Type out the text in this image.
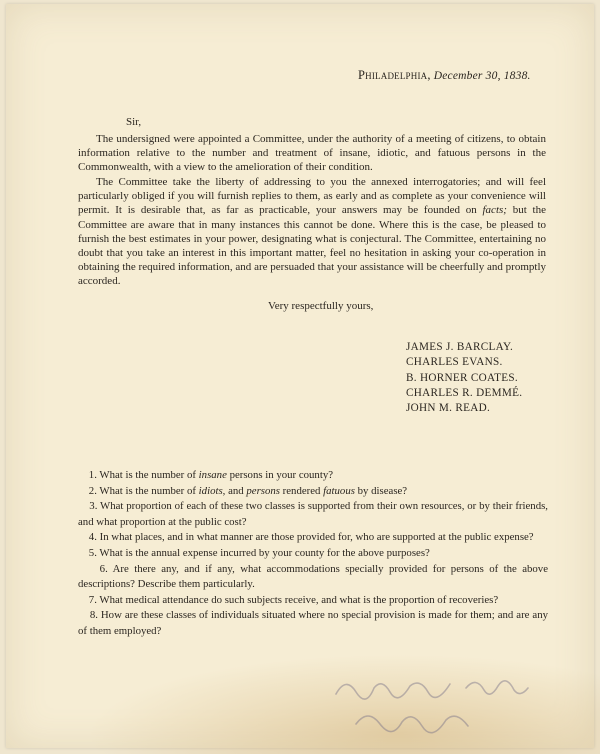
Philadelphia, December 30, 1838.
Sir,

The undersigned were appointed a Committee, under the authority of a meeting of citizens, to obtain information relative to the number and treatment of insane, idiotic, and fatuous persons in the Commonwealth, with a view to the amelioration of their condition.

The Committee take the liberty of addressing to you the annexed interrogatories; and will feel particularly obliged if you will furnish replies to them, as early and as complete as your convenience will permit. It is desirable that, as far as practicable, your answers may be founded on facts; but the Committee are aware that in many instances this cannot be done. Where this is the case, be pleased to furnish the best estimates in your power, designating what is conjectural. The Committee, entertaining no doubt that you take an interest in this important matter, feel no hesitation in asking your co-operation in obtaining the required information, and are persuaded that your assistance will be cheerfully and promptly accorded.

Very respectfully yours,
JAMES J. BARCLAY.
CHARLES EVANS.
B. HORNER COATES.
CHARLES R. DEMMÉ.
JOHN M. READ.

1. What is the number of insane persons in your county?

2. What is the number of idiots, and persons rendered fatuous by disease?

3. What proportion of each of these two classes is supported from their own resources, or by their friends, and what proportion at the public cost?

4. In what places, and in what manner are those provided for, who are supported at the public expense?

5. What is the annual expense incurred by your county for the above purposes?

6. Are there any, and if any, what accommodations specially provided for persons of the above descriptions? Describe them particularly.

7. What medical attendance do such subjects receive, and what is the proportion of recoveries?

8. How are these classes of individuals situated where no special provision is made for them; and are any of them employed?
